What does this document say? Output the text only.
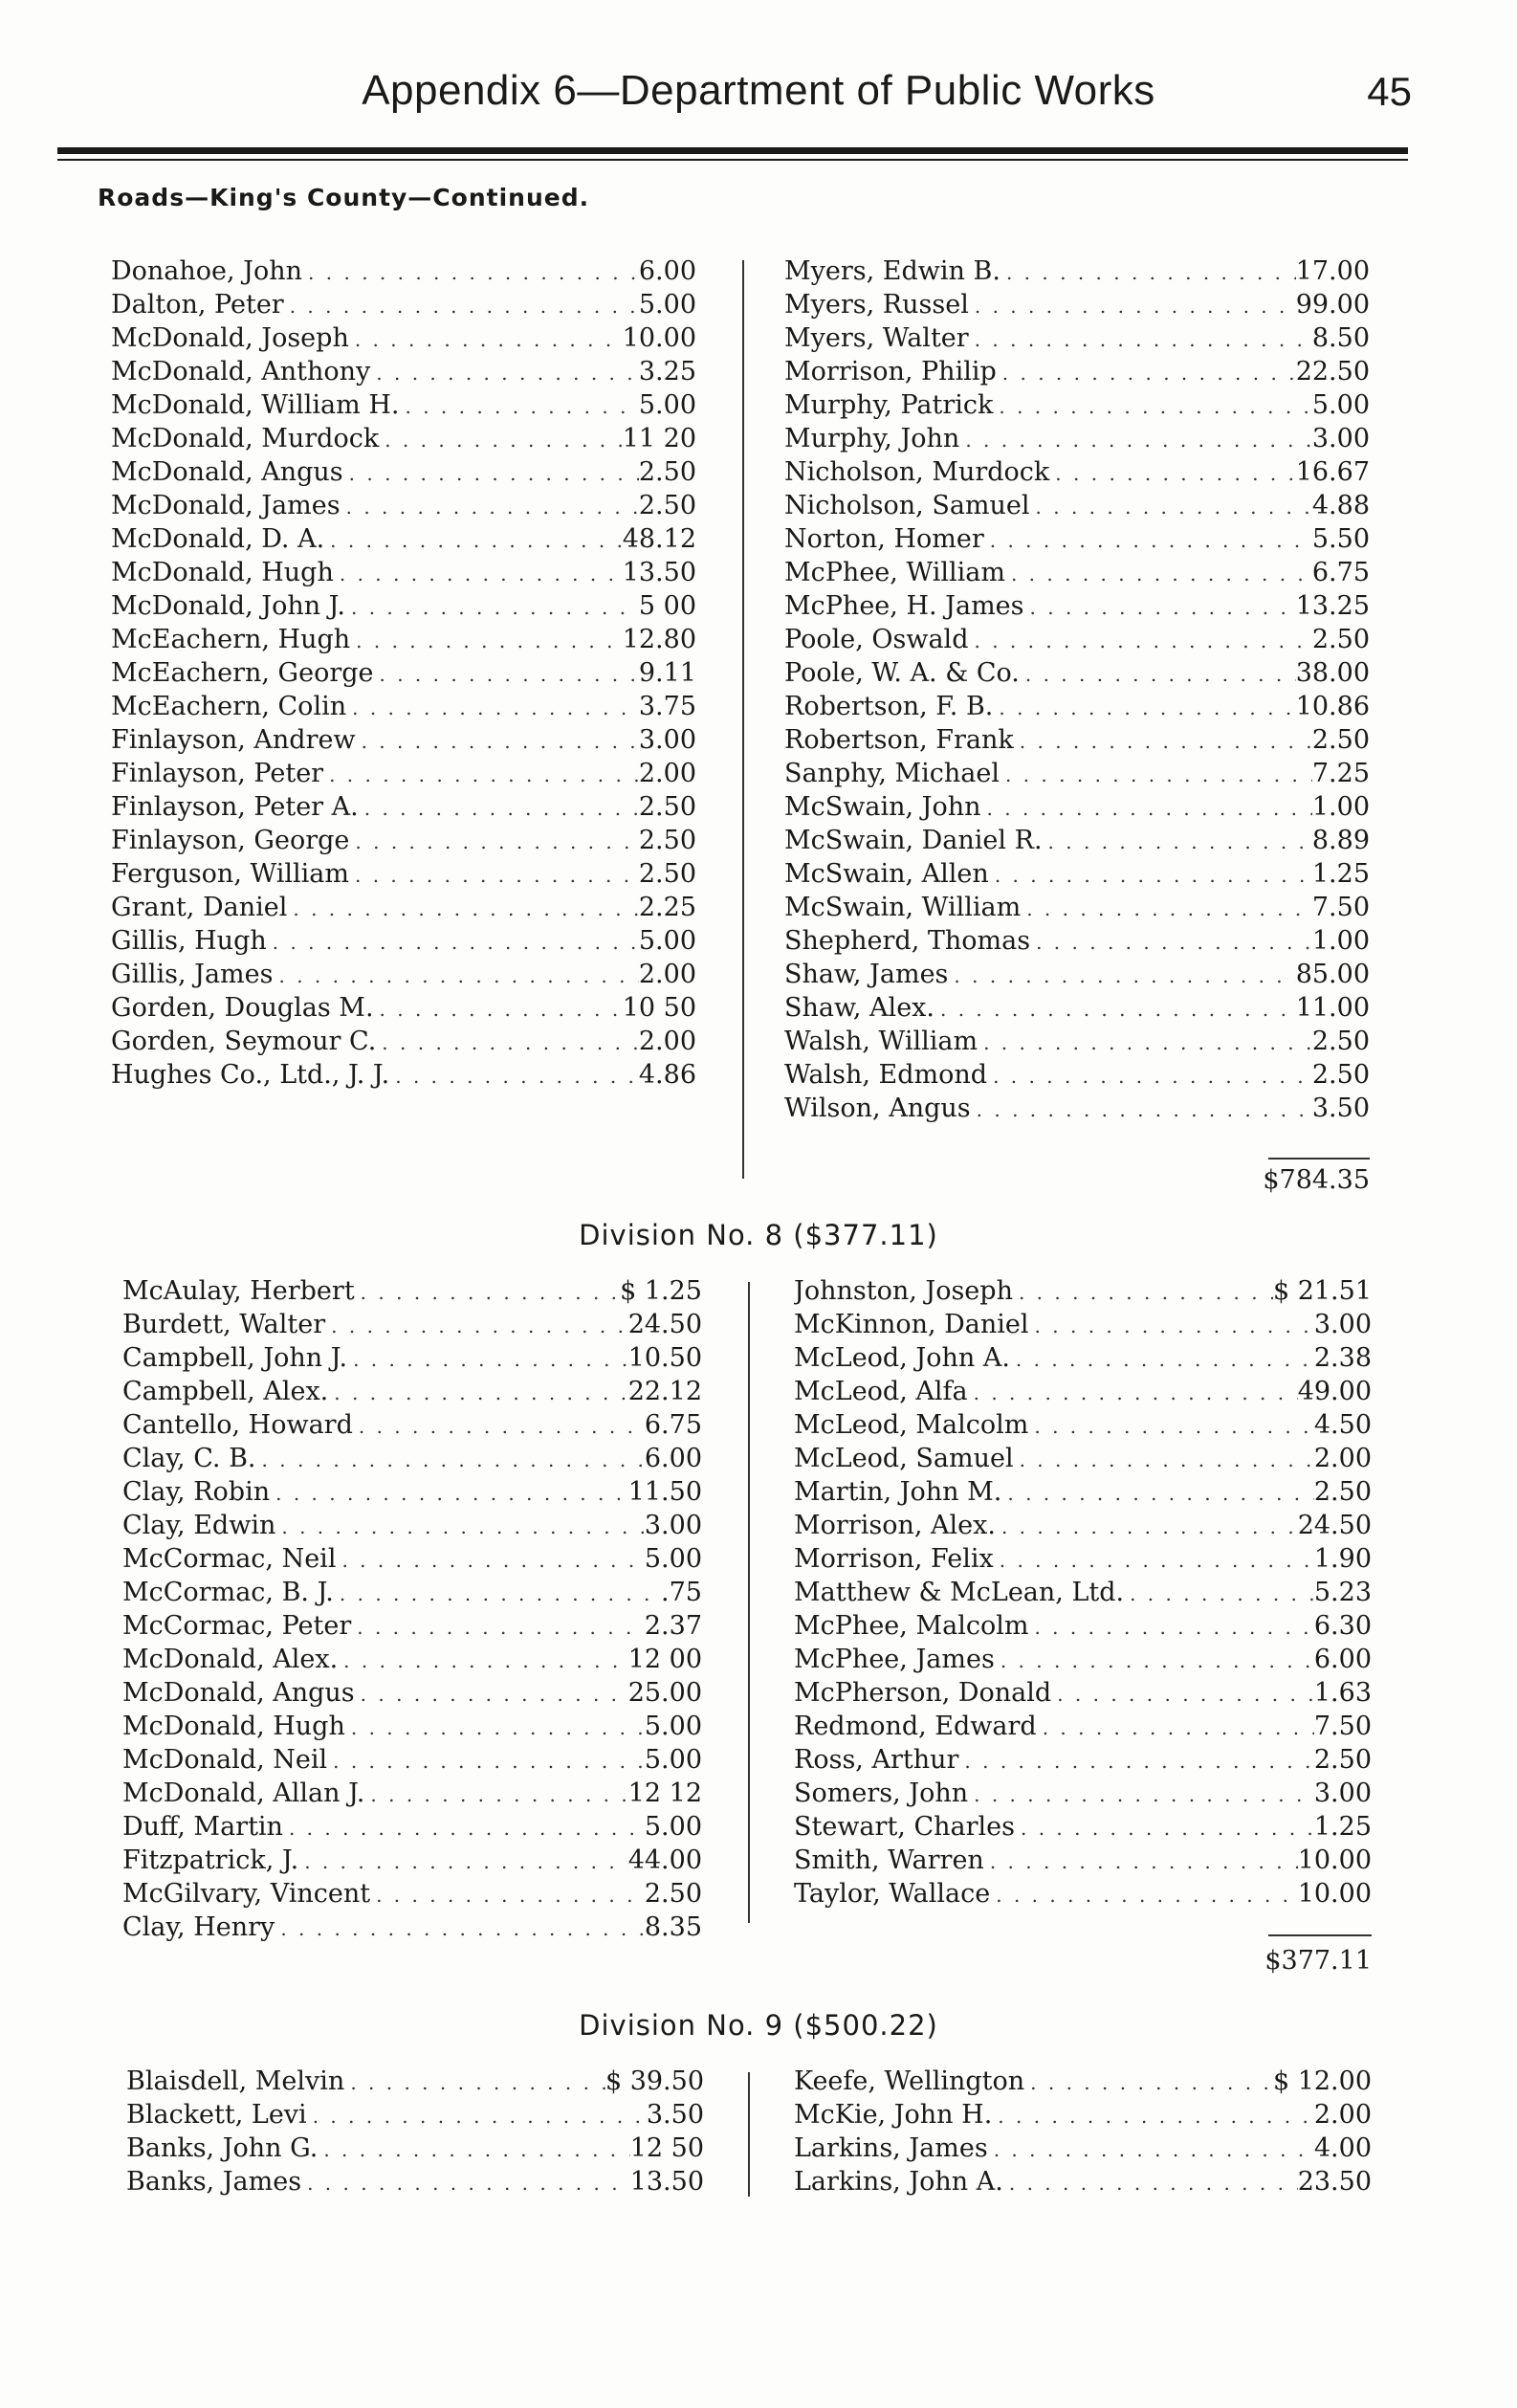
Appendix 6—Department of Public Works	45
Roads—King's County—Continued.
Donahoe, John . . .	6.00
Dalton, Peter . . .	5.00
McDonald, Joseph . . .	10.00
McDonald, Anthony . . .	3.25
McDonald, William H. . . .	5.00
McDonald, Murdock . . .	11 20
McDonald, Angus . . .	2.50
McDonald, James . . .	2.50
McDonald, D. A. . . .	48.12
McDonald, Hugh . . .	13.50
McDonald, John J. . . .	5 00
McEachern, Hugh . . .	12.80
McEachern, George . . .	9.11
McEachern, Colin . . .	3.75
Finlayson, Andrew . . .	3.00
Finlayson, Peter . . .	2.00
Finlayson, Peter A. . . .	2.50
Finlayson, George . . .	2.50
Ferguson, William . . .	2.50
Grant, Daniel . . .	2.25
Gillis, Hugh . . .	5.00
Gillis, James . . .	2.00
Gorden, Douglas M. . . .	10 50
Gorden, Seymour C. . . .	2.00
Hughes Co., Ltd., J. J. . . .	4.86
Myers, Edwin B. . . .	17.00
Myers, Russel . . .	99.00
Myers, Walter . . .	8.50
Morrison, Philip . . .	22.50
Murphy, Patrick . . .	5.00
Murphy, John . . .	3.00
Nicholson, Murdock . . .	16.67
Nicholson, Samuel . . .	4.88
Norton, Homer . . .	5.50
McPhee, William . . .	6.75
McPhee, H. James . . .	13.25
Poole, Oswald . . .	2.50
Poole, W. A. & Co. . . .	38.00
Robertson, F. B. . . .	10.86
Robertson, Frank . . .	2.50
Sanphy, Michael . . .	7.25
McSwain, John . . .	1.00
McSwain, Daniel R. . . .	8.89
McSwain, Allen . . .	1.25
McSwain, William . . .	7.50
Shepherd, Thomas . . .	1.00
Shaw, James . . .	85.00
Shaw, Alex. . . .	11.00
Walsh, William . . .	2.50
Walsh, Edmond . . .	2.50
Wilson, Angus . . .	3.50
$784.35
Division No. 8 ($377.11)
McAulay, Herbert . . .	$ 1.25
Burdett, Walter . . .	24.50
Campbell, John J. . . .	10.50
Campbell, Alex. . . .	22.12
Cantello, Howard . . .	6.75
Clay, C. B. . . .	6.00
Clay, Robin . . .	11.50
Clay, Edwin . . .	3.00
McCormac, Neil . . .	5.00
McCormac, B. J. . . .	.75
McCormac, Peter . . .	2.37
McDonald, Alex. . . .	12 00
McDonald, Angus . . .	25.00
McDonald, Hugh . . .	5.00
McDonald, Neil . . .	5.00
McDonald, Allan J. . . .	12 12
Duff, Martin . . .	5.00
Fitzpatrick, J. . . .	44.00
McGilvary, Vincent . . .	2.50
Clay, Henry . . .	8.35
Johnston, Joseph . . .	$ 21.51
McKinnon, Daniel . . .	3.00
McLeod, John A. . . .	2.38
McLeod, Alfa . . .	49.00
McLeod, Malcolm . . .	4.50
McLeod, Samuel . . .	2.00
Martin, John M. . . .	2.50
Morrison, Alex. . . .	24.50
Morrison, Felix . . .	1.90
Matthew & McLean, Ltd. . . .	5.23
McPhee, Malcolm . . .	6.30
McPhee, James . . .	6.00
McPherson, Donald . . .	1.63
Redmond, Edward . . .	7.50
Ross, Arthur . . .	2.50
Somers, John . . .	3.00
Stewart, Charles . . .	1.25
Smith, Warren . . .	10.00
Taylor, Wallace . . .	10.00
$377.11
Division No. 9 ($500.22)
Blaisdell, Melvin . . .	$ 39.50
Blackett, Levi . . .	3.50
Banks, John G. . . .	12 50
Banks, James . . .	13.50
Keefe, Wellington . . .	$ 12.00
McKie, John H. . . .	2.00
Larkins, James . . .	4.00
Larkins, John A. . . .	23.50
